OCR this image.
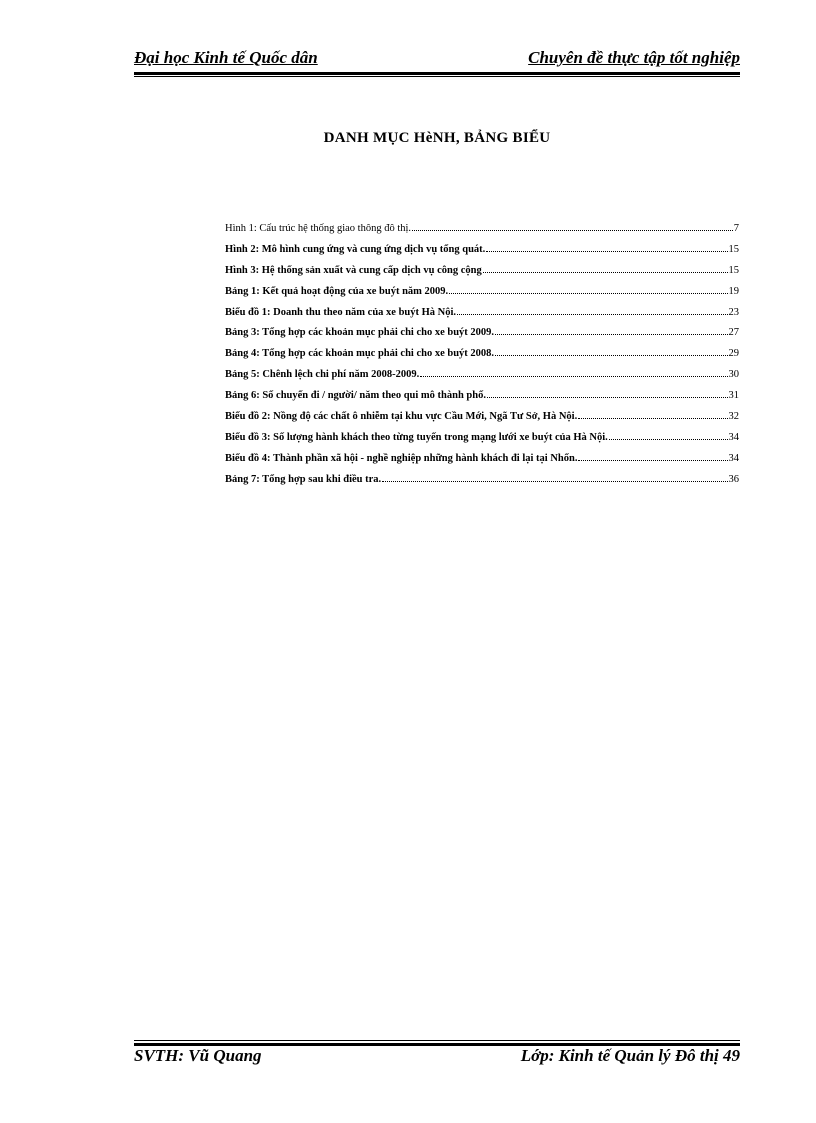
Đại học Kinh tế Quốc dân	Chuyên đề thực tập tốt nghiệp
DANH MỤC HèNH, BẢNG BIỂU
Hình 1: Cấu trúc hệ thống giao thông đô thị.	7
Hình 2: Mô hình cung ứng và cung ứng dịch vụ tổng quát.	15
Hình 3: Hệ thống sản xuất và cung cấp dịch vụ công cộng	15
Bảng 1: Kết quả hoạt động của xe buýt năm 2009.	19
Biểu đồ 1: Doanh thu theo năm của xe buýt Hà Nội.	23
Bảng 3: Tổng hợp các khoản mục phải chi cho xe buýt 2009.	27
Bảng 4: Tổng hợp các khoản mục phải chi cho xe buýt 2008.	29
Bảng 5: Chênh lệch chi phí năm 2008-2009.	30
Bảng 6: Số chuyến đi / người/ năm theo qui mô thành phố.	31
Biểu đồ 2: Nồng độ các chất ô nhiễm tại khu vực Cầu Mới, Ngã Tư Sở, Hà Nội.	32
Biểu đồ 3: Số lượng hành khách theo từng tuyến trong mạng lưới xe buýt của Hà Nội.	34
Biểu đồ 4: Thành phần xã hội - nghề nghiệp những hành khách đi lại tại Nhổn.	34
Bảng 7: Tổng hợp sau khi điều tra.	36
SVTH: Vũ Quang	Lớp: Kinh tế Quản lý Đô thị 49
